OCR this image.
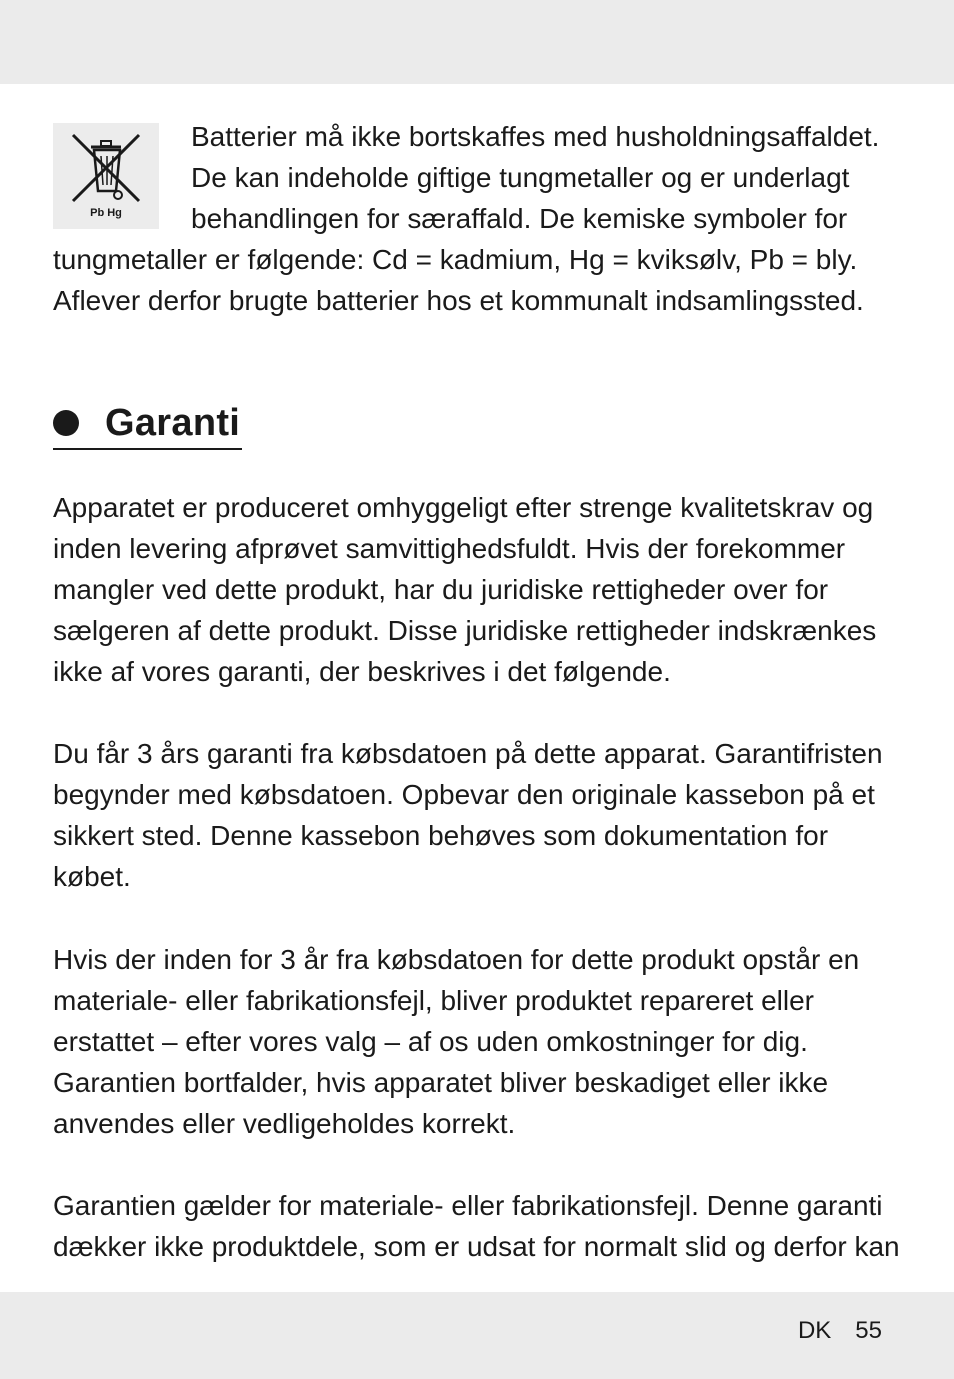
Pb Hg

Batterier må ikke bortskaffes med husholdningsaffaldet. De kan indeholde giftige tungmetaller og er underlagt behandlingen for særaffald. De kemiske symboler for tungmetaller er følgende: Cd = kadmium, Hg = kviksølv, Pb = bly. Aflever derfor brugte batterier hos et kommunalt indsamlingssted.

Garanti

Apparatet er produceret omhyggeligt efter strenge kvalitetskrav og inden levering afprøvet samvittighedsfuldt. Hvis der forekommer mangler ved dette produkt, har du juridiske rettigheder over for sælgeren af dette produkt. Disse juridiske rettigheder indskrænkes ikke af vores garanti, der beskrives i det følgende.

Du får 3 års garanti fra købsdatoen på dette apparat. Garantifristen begynder med købsdatoen. Opbevar den originale kassebon på et sikkert sted. Denne kassebon behøves som dokumentation for købet.

Hvis der inden for 3 år fra købsdatoen for dette produkt opstår en materiale- eller fabrikationsfejl, bliver produktet repareret eller erstattet – efter vores valg – af os uden omkostninger for dig. Garantien bortfalder, hvis apparatet bliver beskadiget eller ikke anvendes eller vedligeholdes korrekt.

Garantien gælder for materiale- eller fabrikationsfejl. Denne garanti dækker ikke produktdele, som er udsat for normalt slid og derfor kan

DK 55
